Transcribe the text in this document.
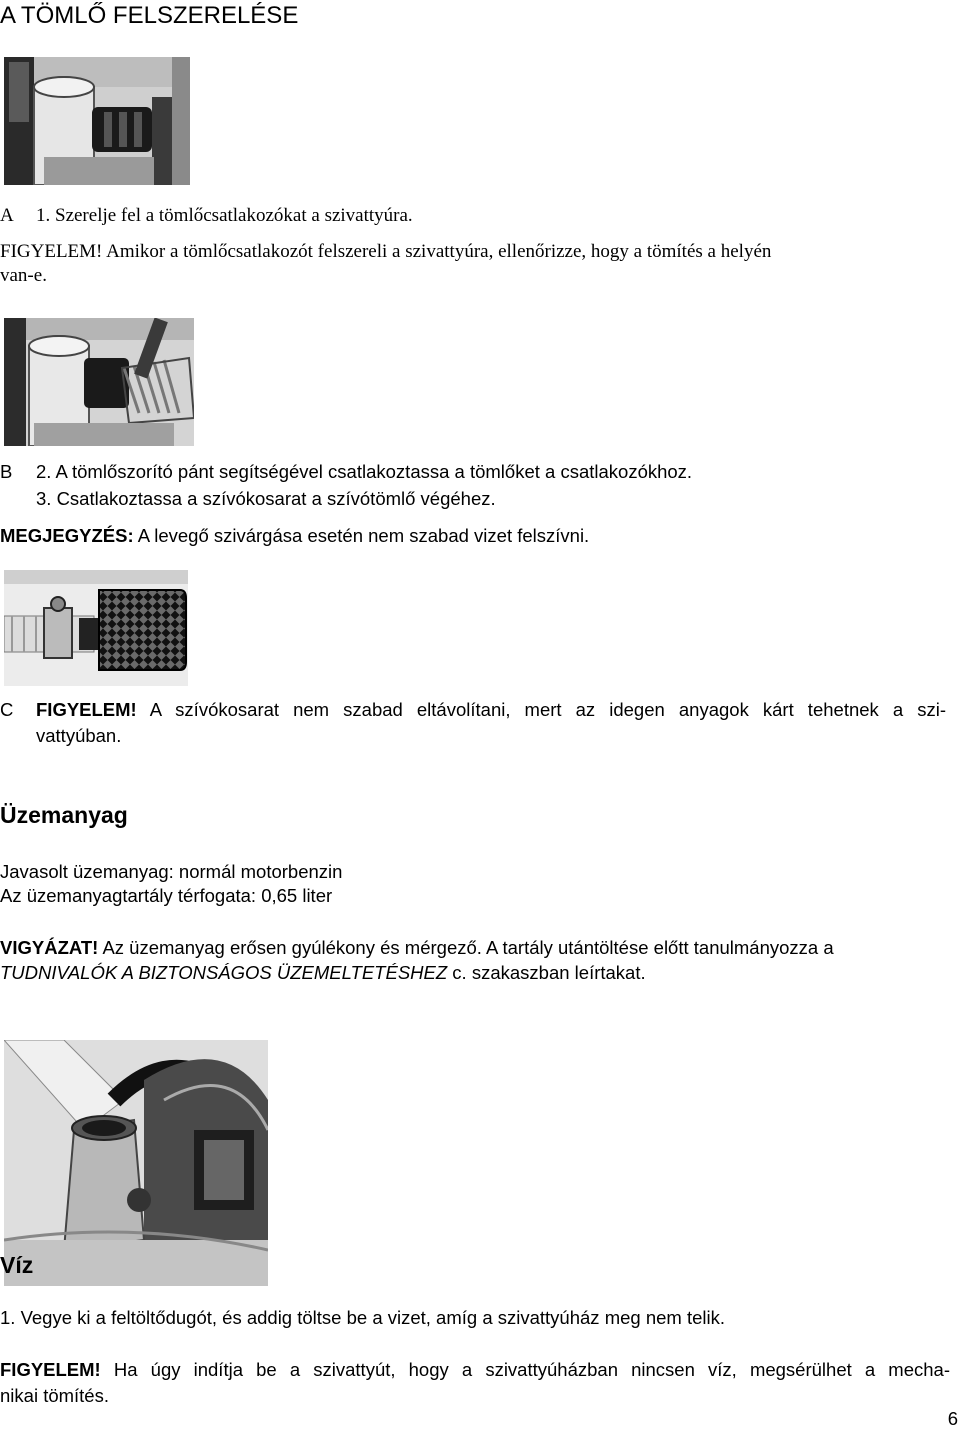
A TÖMLŐ FELSZERELÉSE
A 1. Szerelje fel a tömlőcsatlakozókat a szivattyúra.
FIGYELEM! Amikor a tömlőcsatlakozót felszereli a szivattyúra, ellenőrizze, hogy a tömítés a helyén
van-e.
B 2. A tömlőszorító pánt segítségével csatlakoztassa a tömlőket a csatlakozókhoz.
3. Csatlakoztassa a szívókosarat a szívótömlő végéhez.
MEGJEGYZÉS: A levegő szivárgása esetén nem szabad vizet felszívni.
C FIGYELEM! A szívókosarat nem szabad eltávolítani, mert az idegen anyagok kárt tehetnek a szi-
vattyúban.
Üzemanyag
Javasolt üzemanyag: normál motorbenzin
Az üzemanyagtartály térfogata: 0,65 liter
VIGYÁZAT! Az üzemanyag erősen gyúlékony és mérgező. A tartály utántöltése előtt tanulmányozza a
TUDNIVALÓK A BIZTONSÁGOS ÜZEMELTETÉSHEZ c. szakaszban leírtakat.
Víz
1. Vegye ki a feltöltődugót, és addig töltse be a vizet, amíg a szivattyúház meg nem telik.
FIGYELEM! Ha úgy indítja be a szivattyút, hogy a szivattyúházban nincsen víz, megsérülhet a mecha-
nikai tömítés.
6
